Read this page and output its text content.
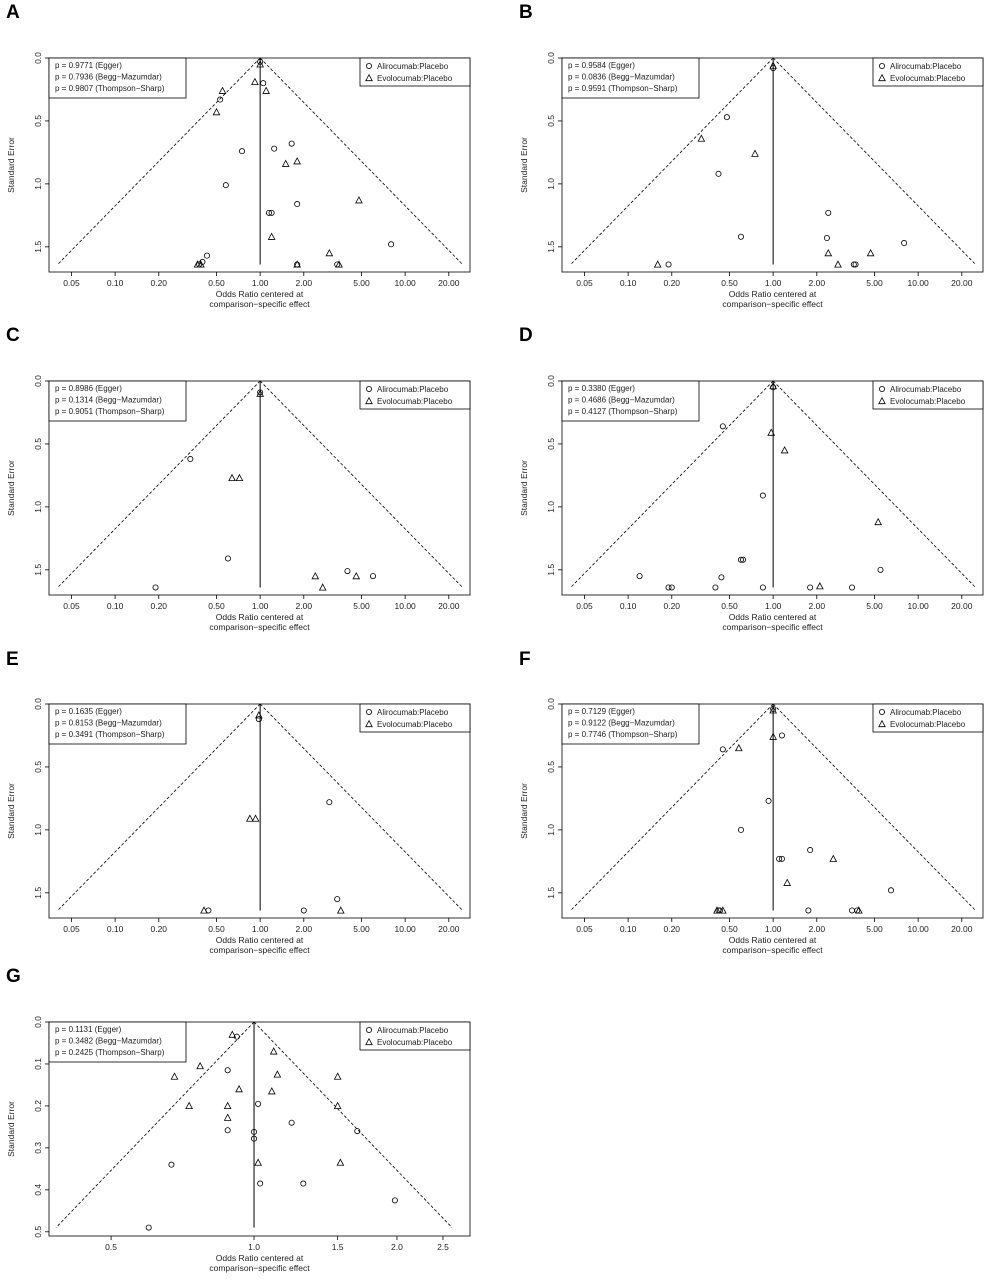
A	B
C	D
E	F
G
0.05	0.10	0.20	0.50	1.00	2.00	5.00	10.00	20.00
Odds Ratio centered at
comparison−specific effect
0.0
0.5
1.0
1.5
Standard Error
p = 0.9771 (Egger)
p = 0.7936 (Begg−Mazumdar)
p = 0.9807 (Thompson−Sharp)
Alirocumab:Placebo
Evolocumab:Placebo
0.05	0.10	0.20	0.50	1.00	2.00	5.00	10.00	20.00
Odds Ratio centered at
comparison−specific effect
0.0
0.5
1.0
1.5
Standard Error
p = 0.9584 (Egger)
p = 0.0836 (Begg−Mazumdar)
p = 0.9591 (Thompson−Sharp)
Alirocumab:Placebo
Evolocumab:Placebo
0.05	0.10	0.20	0.50	1.00	2.00	5.00	10.00	20.00
Odds Ratio centered at
comparison−specific effect
0.0
0.5
1.0
1.5
Standard Error
p = 0.8986 (Egger)
p = 0.1314 (Begg−Mazumdar)
p = 0.9051 (Thompson−Sharp)
Alirocumab:Placebo
Evolocumab:Placebo
0.05	0.10	0.20	0.50	1.00	2.00	5.00	10.00	20.00
Odds Ratio centered at
comparison−specific effect
0.0
0.5
1.0
1.5
Standard Error
p = 0.3380 (Egger)
p = 0.4686 (Begg−Mazumdar)
p = 0.4127 (Thompson−Sharp)
Alirocumab:Placebo
Evolocumab:Placebo
0.05	0.10	0.20	0.50	1.00	2.00	5.00	10.00	20.00
Odds Ratio centered at
comparison−specific effect
0.0
0.5
1.0
1.5
Standard Error
p = 0.1635 (Egger)
p = 0.8153 (Begg−Mazumdar)
p = 0.3491 (Thompson−Sharp)
Alirocumab:Placebo
Evolocumab:Placebo
0.05	0.10	0.20	0.50	1.00	2.00	5.00	10.00	20.00
Odds Ratio centered at
comparison−specific effect
0.0
0.5
1.0
1.5
Standard Error
p = 0.7129 (Egger)
p = 0.9122 (Begg−Mazumdar)
p = 0.7746 (Thompson−Sharp)
Alirocumab:Placebo
Evolocumab:Placebo
0.5	1.0	1.5	2.0	2.5
Odds Ratio centered at
comparison−specific effect
0.0
0.1
0.2
0.3
0.4
0.5
Standard Error
p = 0.1131 (Egger)
p = 0.3482 (Begg−Mazumdar)
p = 0.2425 (Thompson−Sharp)
Alirocumab:Placebo
Evolocumab:Placebo
